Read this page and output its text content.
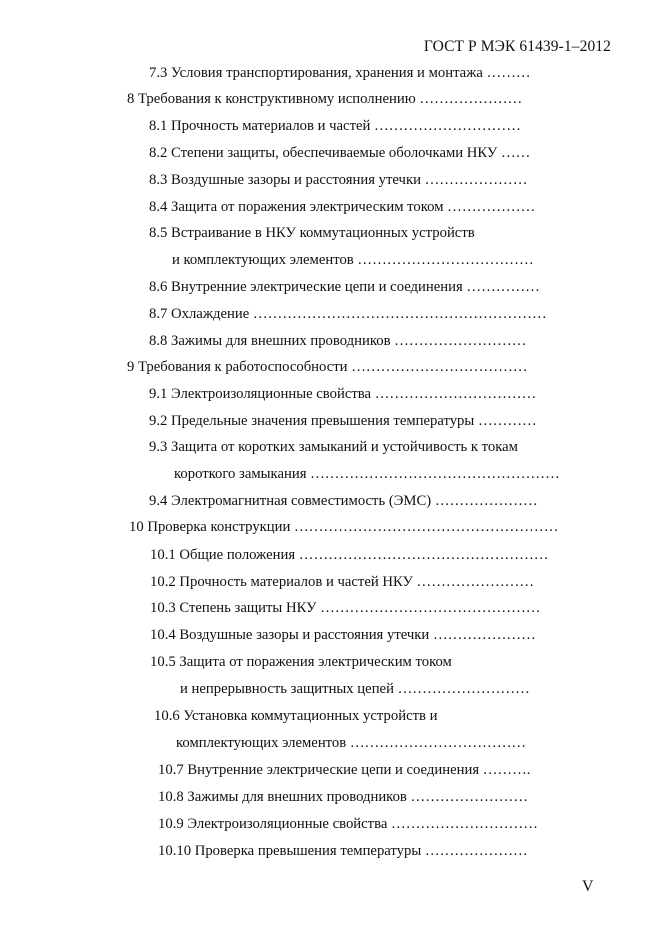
ГОСТ Р МЭК 61439-1–2012
7.3 Условия транспортирования, хранения и монтажа ………
8 Требования к конструктивному исполнению …………………
8.1 Прочность материалов и частей …………………………
8.2 Степени защиты, обеспечиваемые оболочками НКУ ……
8.3 Воздушные зазоры и расстояния утечки …………………
8.4 Защита от поражения электрическим током ………………
8.5 Встраивание в НКУ коммутационных устройств
и комплектующих элементов ………………………………
8.6 Внутренние электрические цепи и соединения ……………
8.7 Охлаждение ……………………………………………………
8.8 Зажимы для внешних проводников ………………………
9 Требования к работоспособности ………………………………
9.1 Электроизоляционные свойства ……………………………
9.2 Предельные значения превышения температуры …………
9.3 Защита от коротких замыканий и устойчивость к токам
короткого замыкания ……………………………………………
9.4 Электромагнитная совместимость (ЭМС) …………………
10 Проверка конструкции ………………………………………………
10.1 Общие положения ……………………………………………
10.2 Прочность материалов и частей НКУ ……………………
10.3 Степень защиты НКУ ………………………………………
10.4 Воздушные зазоры и расстояния утечки …………………
10.5 Защита от поражения электрическим током
и непрерывность защитных цепей ………………………
10.6 Установка коммутационных устройств и
комплектующих элементов ………………………………
10.7 Внутренние электрические цепи и соединения ……….
10.8 Зажимы для внешних проводников ……………………
10.9 Электроизоляционные свойства …………………………
10.10 Проверка превышения температуры …………………
V
